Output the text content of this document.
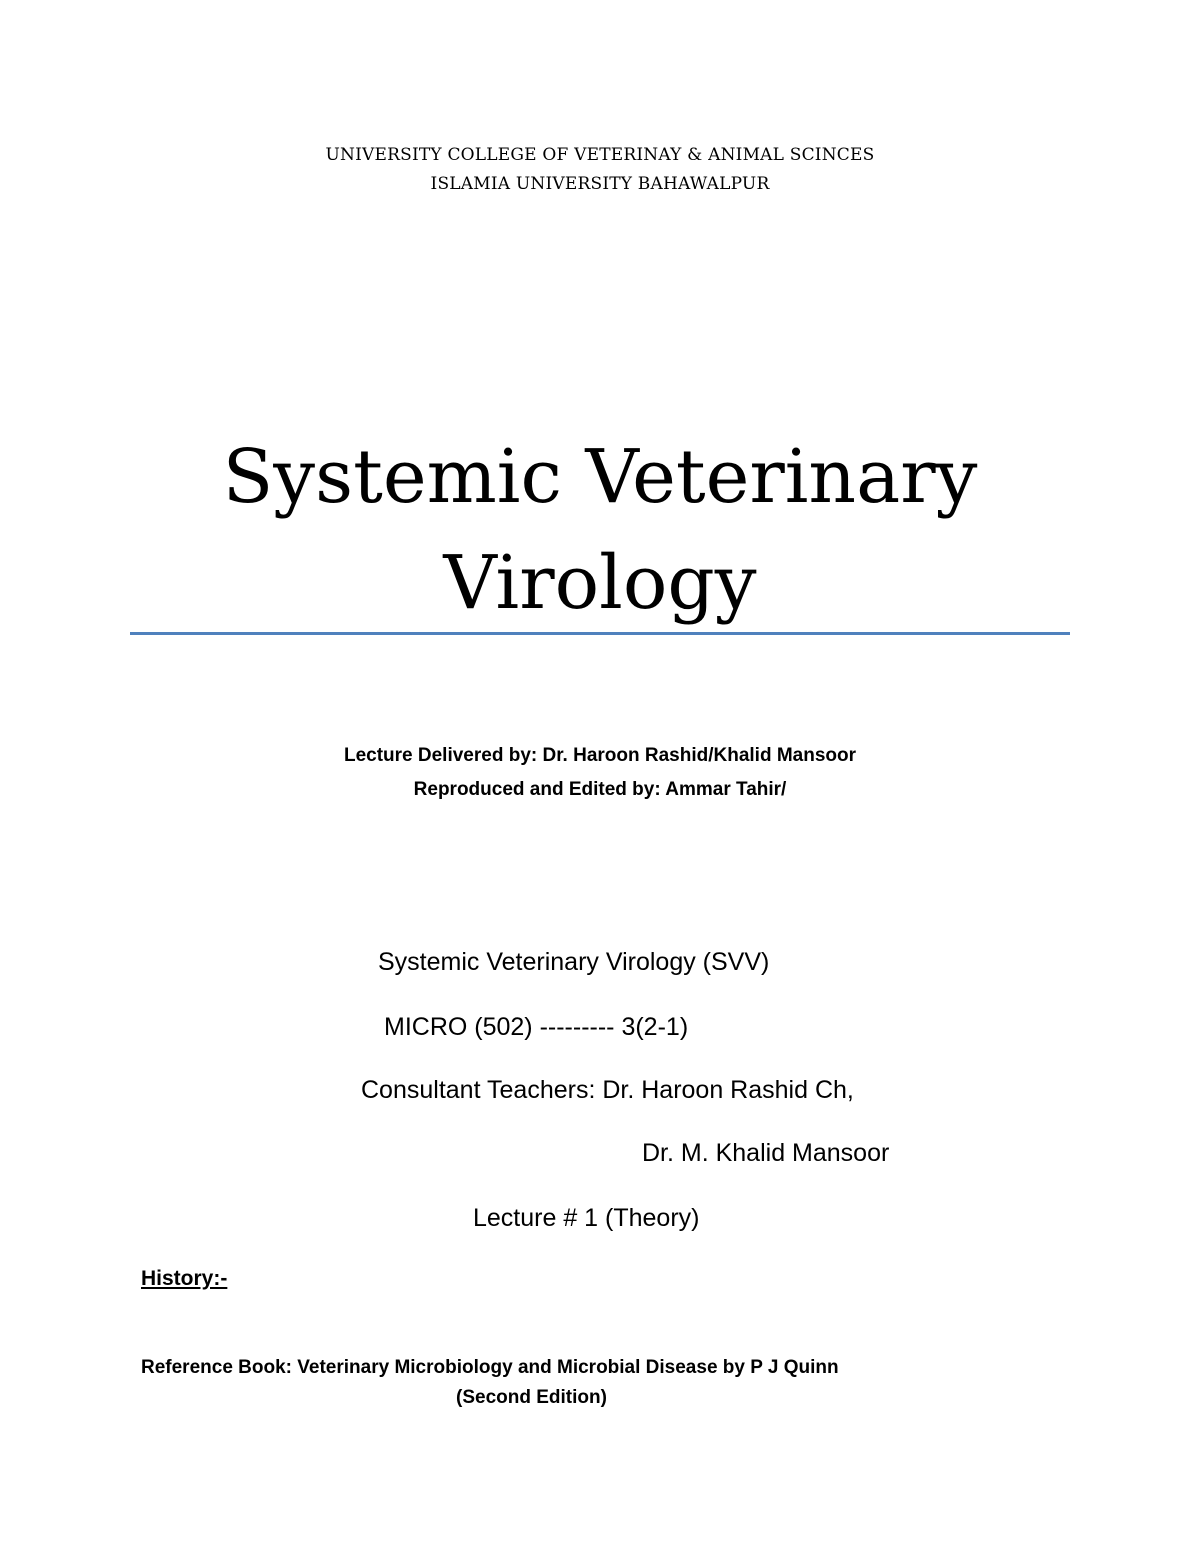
UNIVERSITY COLLEGE OF VETERINAY & ANIMAL SCINCES
ISLAMIA UNIVERSITY BAHAWALPUR
Systemic Veterinary
Virology
Lecture Delivered by: Dr. Haroon Rashid/Khalid Mansoor
Reproduced and Edited by: Ammar Tahir/
Systemic Veterinary Virology (SVV)
MICRO (502) --------- 3(2-1)
Consultant Teachers: Dr. Haroon Rashid Ch,
Dr. M. Khalid Mansoor
Lecture # 1 (Theory)
History:-
Reference Book: Veterinary Microbiology and Microbial Disease by P J Quinn
(Second Edition)
